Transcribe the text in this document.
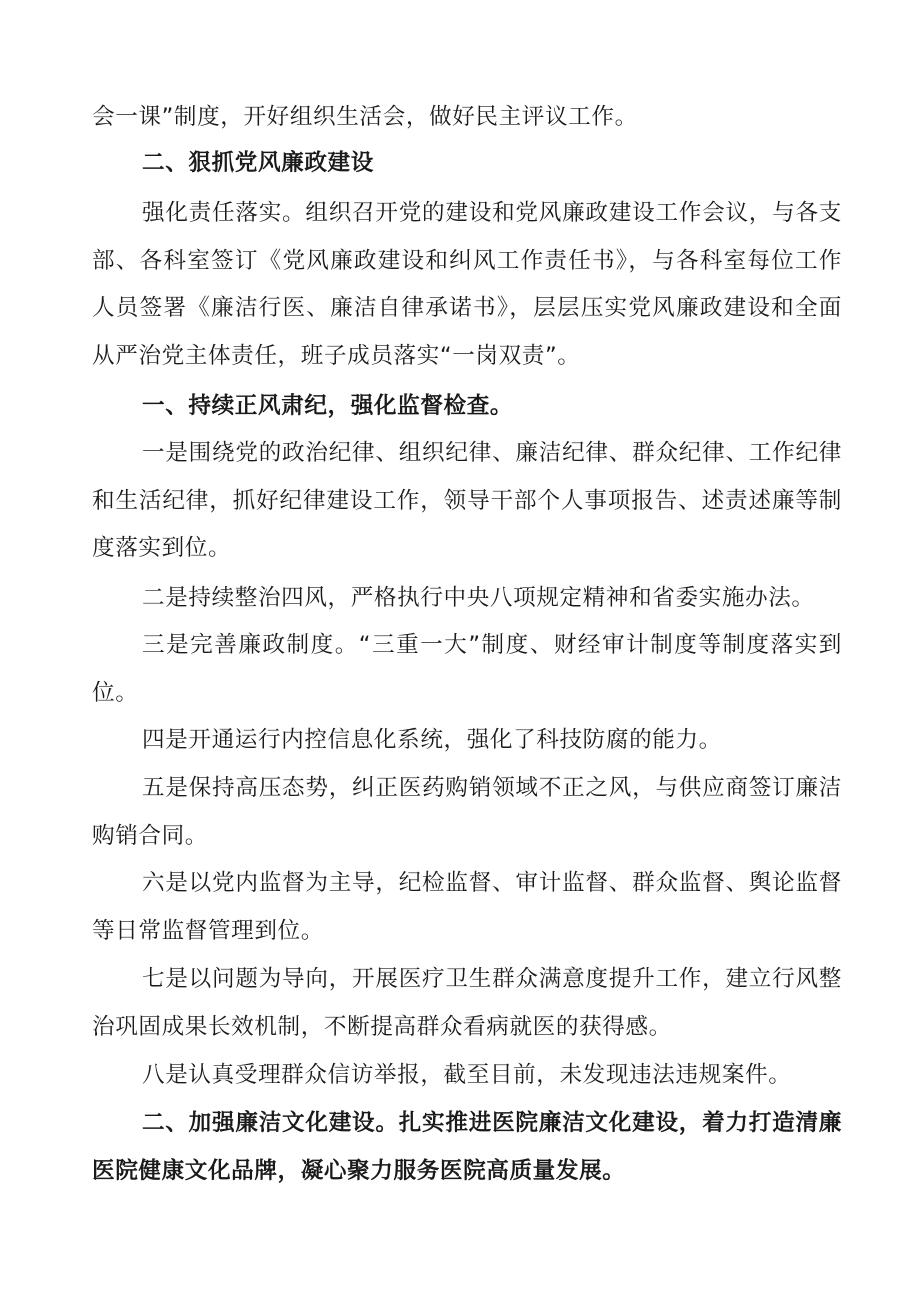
会一课”制度，开好组织生活会，做好民主评议工作。

二、狠抓党风廉政建设

强化责任落实。组织召开党的建设和党风廉政建设工作会议，与各支部、各科室签订《党风廉政建设和纠风工作责任书》，与各科室每位工作人员签署《廉洁行医、廉洁自律承诺书》，层层压实党风廉政建设和全面从严治党主体责任，班子成员落实“一岗双责”。

一、持续正风肃纪，强化监督检查。

一是围绕党的政治纪律、组织纪律、廉洁纪律、群众纪律、工作纪律和生活纪律，抓好纪律建设工作，领导干部个人事项报告、述责述廉等制度落实到位。

二是持续整治四风，严格执行中央八项规定精神和省委实施办法。

三是完善廉政制度。“三重一大”制度、财经审计制度等制度落实到位。

四是开通运行内控信息化系统，强化了科技防腐的能力。

五是保持高压态势，纠正医药购销领域不正之风，与供应商签订廉洁购销合同。

六是以党内监督为主导，纪检监督、审计监督、群众监督、舆论监督等日常监督管理到位。

七是以问题为导向，开展医疗卫生群众满意度提升工作，建立行风整治巩固成果长效机制，不断提高群众看病就医的获得感。

八是认真受理群众信访举报，截至目前，未发现违法违规案件。

二、加强廉洁文化建设。扎实推进医院廉洁文化建设，着力打造清廉医院健康文化品牌，凝心聚力服务医院高质量发展。
